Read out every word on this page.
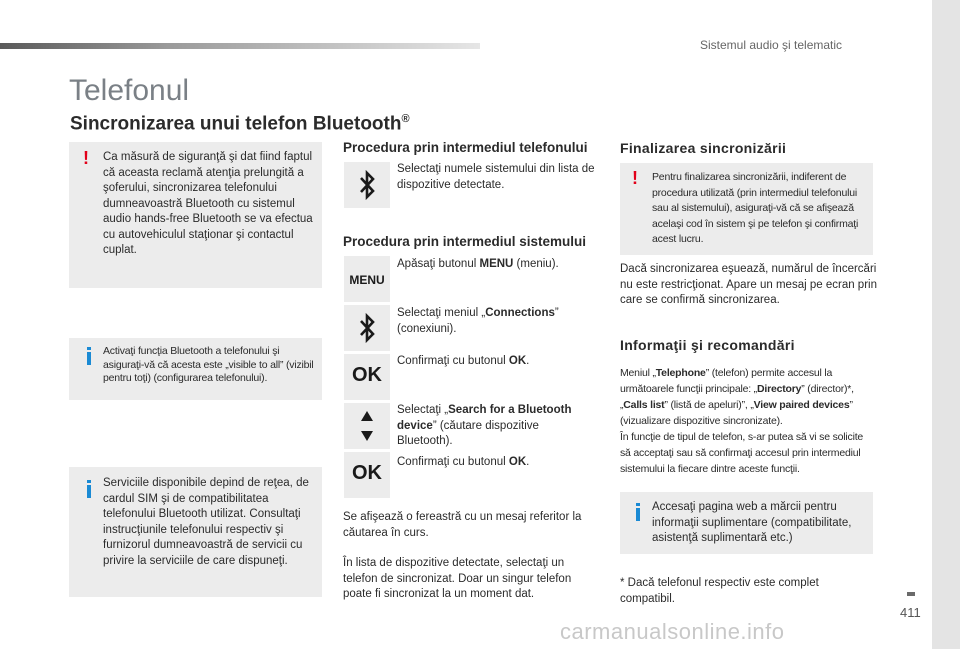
Sistemul audio şi telematic
Telefonul
Sincronizarea unui telefon Bluetooth®
! Ca măsură de siguranţă şi dat fiind faptul că aceasta reclamă atenţia prelungită a şoferului, sincronizarea telefonului dumneavoastră Bluetooth cu sistemul audio hands-free Bluetooth se va efectua cu autovehiculul staţionar şi contactul cuplat.
Activaţi funcţia Bluetooth a telefonului şi asiguraţi-vă că acesta este „visible to all” (vizibil pentru toţi) (configurarea telefonului).
Serviciile disponibile depind de reţea, de cardul SIM şi de compatibilitatea telefonului Bluetooth utilizat. Consultaţi instrucţiunile telefonului respectiv şi furnizorul dumneavoastră de servicii cu privire la serviciile de care dispuneţi.
Procedura prin intermediul telefonului
Selectaţi numele sistemului din lista de dispozitive detectate.
Procedura prin intermediul sistemului
MENU
Apăsaţi butonul MENU (meniu).
Selectaţi meniul „Connections” (conexiuni).
OK
Confirmaţi cu butonul OK.
Selectaţi „Search for a Bluetooth device” (căutare dispozitive Bluetooth).
OK	Confirmaţi cu butonul OK.
Se afişează o fereastră cu un mesaj referitor la căutarea în curs.
În lista de dispozitive detectate, selectaţi un telefon de sincronizat. Doar un singur telefon poate fi sincronizat la un moment dat.
Finalizarea sincronizării
! Pentru finalizarea sincronizării, indiferent de procedura utilizată (prin intermediul telefonului sau al sistemului), asiguraţi-vă că se afişează acelaşi cod în sistem şi pe telefon şi confirmaţi acest lucru.
Dacă sincronizarea eşuează, numărul de încercări nu este restricţionat. Apare un mesaj pe ecran prin care se confirmă sincronizarea.
Informaţii şi recomandări
Meniul „Telephone” (telefon) permite accesul la următoarele funcţii principale: „Directory” (director)*, „Calls list” (listă de apeluri)”, „View paired devices” (vizualizare dispozitive sincronizate).
În funcţie de tipul de telefon, s-ar putea să vi se solicite să acceptaţi sau să confirmaţi accesul prin intermediul sistemului la fiecare dintre aceste funcţii.
Accesaţi pagina web a mărcii pentru informaţii suplimentare (compatibilitate, asistenţă suplimentară etc.)
* Dacă telefonul respectiv este complet compatibil.
411
carmanualsonline.info
